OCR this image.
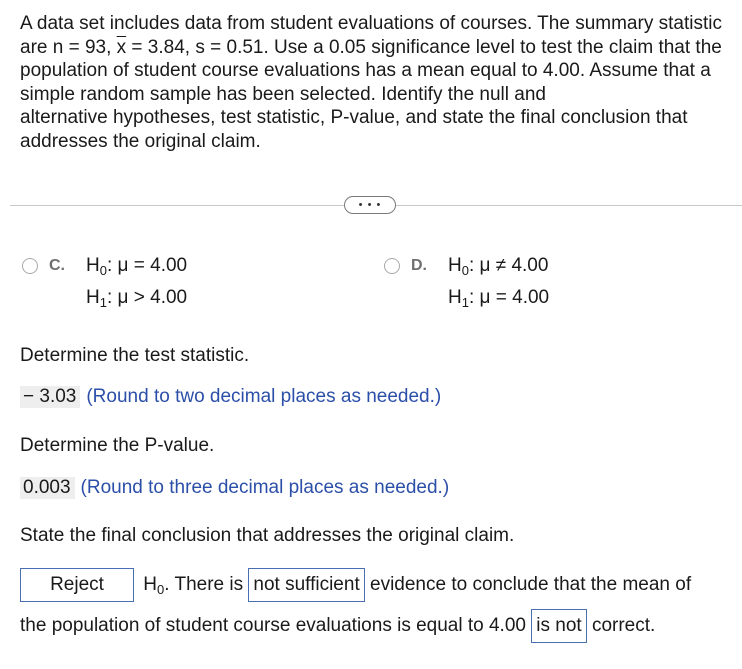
A data set includes data from student evaluations of courses. The summary statistic
are n = 93, $\overline{x} = 3.84$, s = 0.51. Use a 0.05 significance level to test the claim that the
population of student course evaluations has a mean equal to 4.00. Assume that a
simple random sample has been selected. Identify the null and
alternative hypotheses, test statistic, P-value, and state the final conclusion that
addresses the original claim.
• • •
C. $H_0$: μ = 4.00
$H_1$: μ > 4.00
D. $H_0$: μ ≠ 4.00
$H_1$: μ = 4.00
Determine the test statistic.
− 3.03 (Round to two decimal places as needed.)
Determine the P-value.
0.003 (Round to three decimal places as needed.)
State the final conclusion that addresses the original claim.
Reject $H_0$. There is not sufficient evidence to conclude that the mean of
the population of student course evaluations is equal to 4.00 is not correct.
